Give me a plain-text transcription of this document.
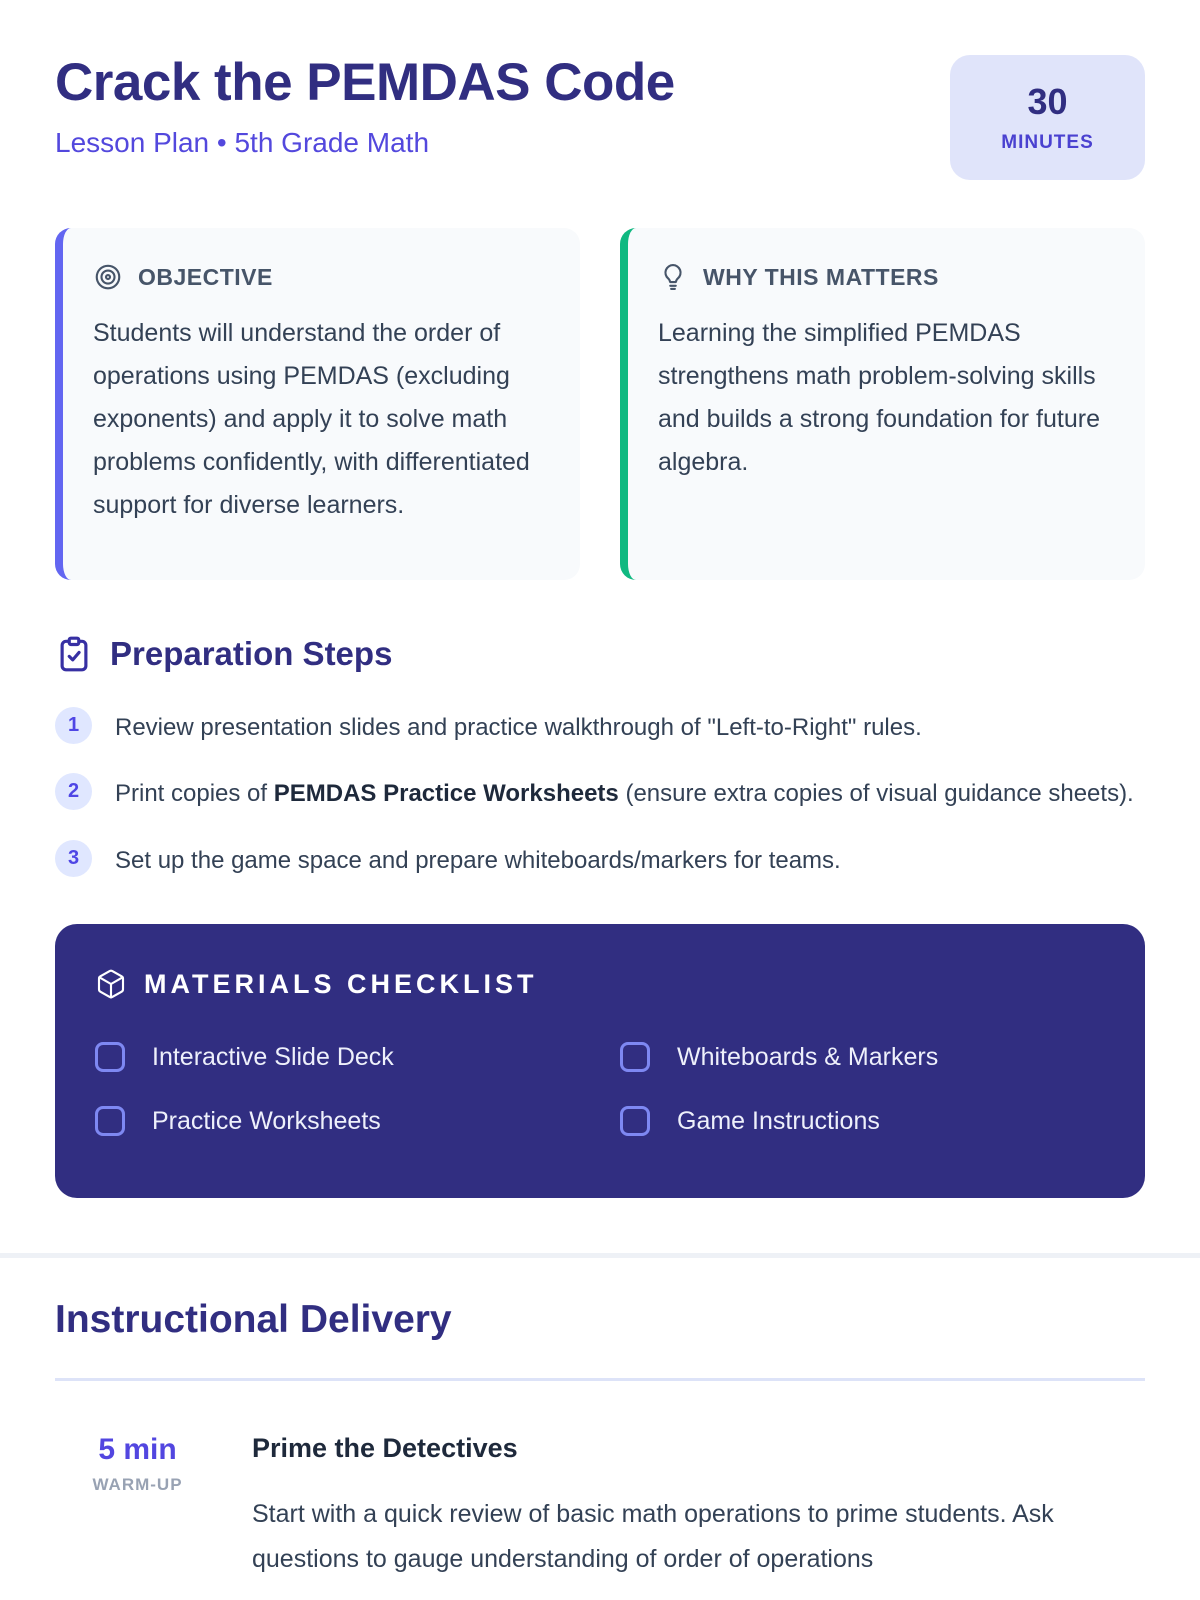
Crack the PEMDAS Code
Lesson Plan • 5th Grade Math
30
MINUTES
OBJECTIVE
Students will understand the order of operations using PEMDAS (excluding exponents) and apply it to solve math problems confidently, with differentiated support for diverse learners.
WHY THIS MATTERS
Learning the simplified PEMDAS strengthens math problem-solving skills and builds a strong foundation for future algebra.
Preparation Steps
1	Review presentation slides and practice walkthrough of "Left-to-Right" rules.
2	Print copies of PEMDAS Practice Worksheets (ensure extra copies of visual guidance sheets).
3	Set up the game space and prepare whiteboards/markers for teams.
MATERIALS CHECKLIST
Interactive Slide Deck	Whiteboards & Markers
Practice Worksheets	Game Instructions
Instructional Delivery
5 min
WARM-UP
Prime the Detectives
Start with a quick review of basic math operations to prime students. Ask questions to gauge understanding of order of operations
